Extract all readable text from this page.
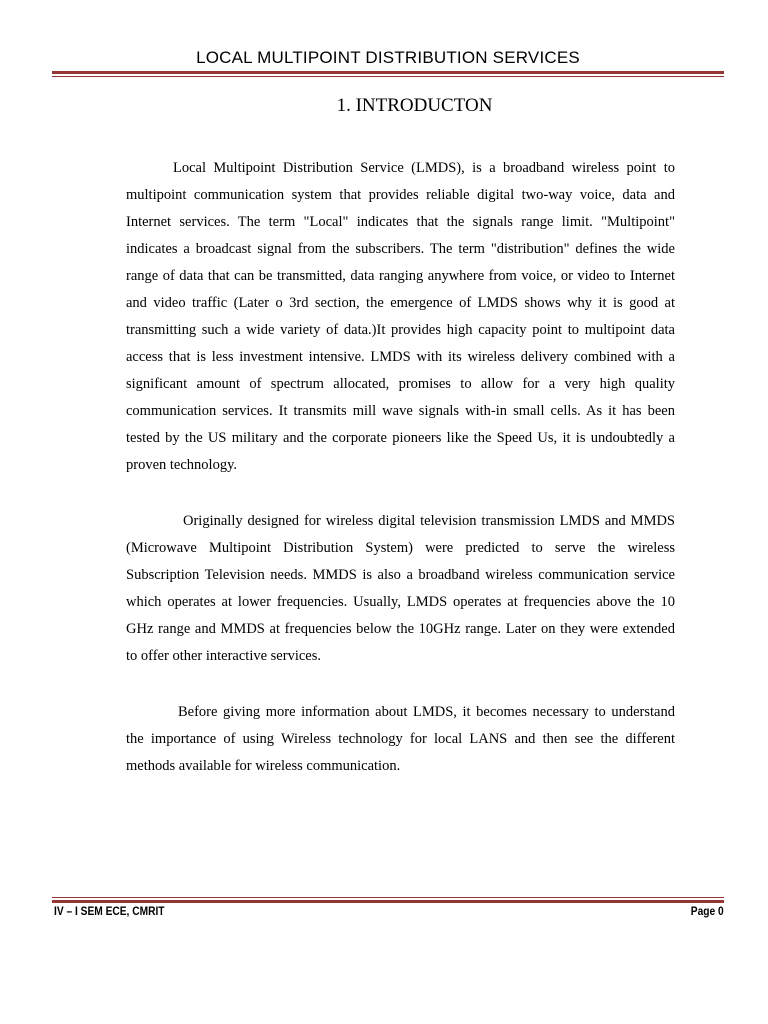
LOCAL MULTIPOINT DISTRIBUTION SERVICES
1. INTRODUCTON

Local Multipoint Distribution Service (LMDS), is a broadband wireless point to multipoint communication system that provides reliable digital two-way voice, data and Internet services. The term "Local" indicates that the signals range limit. "Multipoint" indicates a broadcast signal from the subscribers. The term "distribution" defines the wide range of data that can be transmitted, data ranging anywhere from voice, or video to Internet and video traffic (Later o 3rd section, the emergence of LMDS shows why it is good at transmitting such a wide variety of data.)It provides high capacity point to multipoint data access that is less investment intensive. LMDS with its wireless delivery combined with a significant amount of spectrum allocated, promises to allow for a very high quality communication services. It transmits mill wave signals with-in small cells. As it has been tested by the US military and the corporate pioneers like the Speed Us, it is undoubtedly a proven technology.

Originally designed for wireless digital television transmission LMDS and MMDS (Microwave Multipoint Distribution System) were predicted to serve the wireless Subscription Television needs. MMDS is also a broadband wireless communication service which operates at lower frequencies. Usually, LMDS operates at frequencies above the 10 GHz range and MMDS at frequencies below the 10GHz range. Later on they were extended to offer other interactive services.

Before giving more information about LMDS, it becomes necessary to understand the importance of using Wireless technology for local LANS and then see the different methods available for wireless communication.

IV – I SEM ECE, CMRIT	Page 0
